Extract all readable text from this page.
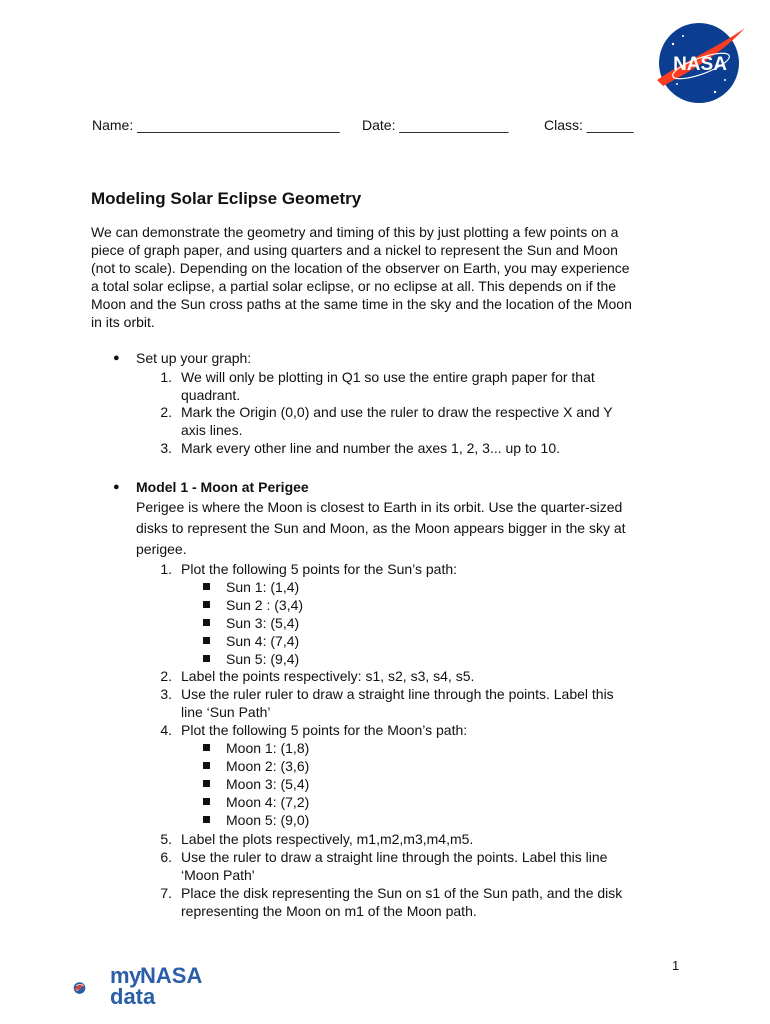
NASA
Name: __________________________ Date: ______________	Class: ______
Modeling Solar Eclipse Geometry
We can demonstrate the geometry and timing of this by just plotting a few points on a
piece of graph paper, and using quarters and a nickel to represent the Sun and Moon
(not to scale). Depending on the location of the observer on Earth, you may experience
a total solar eclipse, a partial solar eclipse, or no eclipse at all. This depends on if the
Moon and the Sun cross paths at the same time in the sky and the location of the Moon
in its orbit.
● Set up your graph:
1. We will only be plotting in Q1 so use the entire graph paper for that
quadrant.
2. Mark the Origin (0,0) and use the ruler to draw the respective X and Y
axis lines.
3. Mark every other line and number the axes 1, 2, 3... up to 10.
● Model 1 - Moon at Perigee
Perigee is where the Moon is closest to Earth in its orbit. Use the quarter-sized
disks to represent the Sun and Moon, as the Moon appears bigger in the sky at
perigee.
1. Plot the following 5 points for the Sun’s path:
Sun 1: (1,4)
Sun 2 : (3,4)
Sun 3: (5,4)
Sun 4: (7,4)
Sun 5: (9,4)
2. Label the points respectively: s1, s2, s3, s4, s5.
3. Use the ruler ruler to draw a straight line through the points. Label this
line ‘Sun Path’
4. Plot the following 5 points for the Moon’s path:
Moon 1: (1,8)
Moon 2: (3,6)
Moon 3: (5,4)
Moon 4: (7,2)
Moon 5: (9,0)
5. Label the plots respectively, m1,m2,m3,m4,m5.
6. Use the ruler to draw a straight line through the points. Label this line
‘Moon Path'
7. Place the disk representing the Sun on s1 of the Sun path, and the disk
representing the Moon on m1 of the Moon path.
my NASA
data
1
